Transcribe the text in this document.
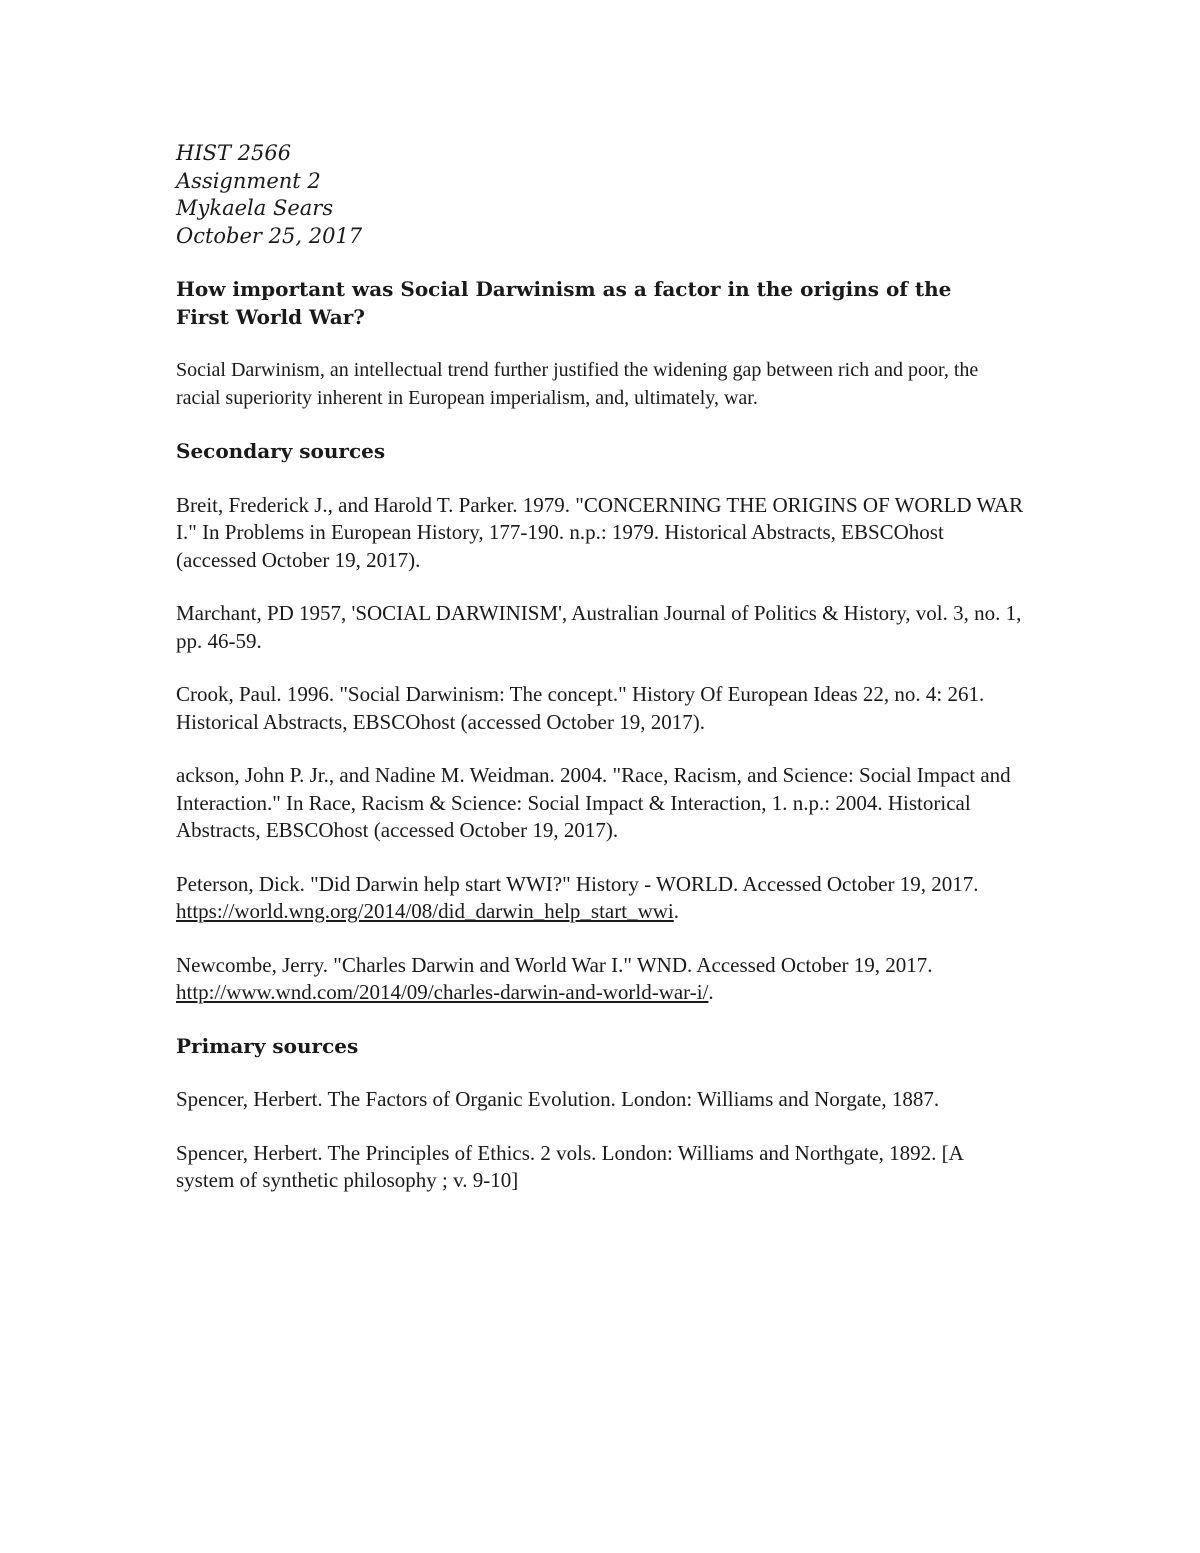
HIST 2566
Assignment 2
Mykaela Sears
October 25, 2017
How important was Social Darwinism as a factor in the origins of the First World War?

Social Darwinism, an intellectual trend further justified the widening gap between rich and poor, the racial superiority inherent in European imperialism, and, ultimately, war.

Secondary sources

Breit, Frederick J., and Harold T. Parker. 1979. "CONCERNING THE ORIGINS OF WORLD WAR I." In Problems in European History, 177-190. n.p.: 1979. Historical Abstracts, EBSCOhost (accessed October 19, 2017).

Marchant, PD 1957, 'SOCIAL DARWINISM', Australian Journal of Politics & History, vol. 3, no. 1, pp. 46-59.

Crook, Paul. 1996. "Social Darwinism: The concept." History Of European Ideas 22, no. 4: 261. Historical Abstracts, EBSCOhost (accessed October 19, 2017).

ackson, John P. Jr., and Nadine M. Weidman. 2004. "Race, Racism, and Science: Social Impact and Interaction." In Race, Racism & Science: Social Impact & Interaction, 1. n.p.: 2004. Historical Abstracts, EBSCOhost (accessed October 19, 2017).

Peterson, Dick. "Did Darwin help start WWI?" History - WORLD. Accessed October 19, 2017. https://world.wng.org/2014/08/did_darwin_help_start_wwi.

Newcombe, Jerry. "Charles Darwin and World War I." WND. Accessed October 19, 2017. http://www.wnd.com/2014/09/charles-darwin-and-world-war-i/.

Primary sources

Spencer, Herbert. The Factors of Organic Evolution. London: Williams and Norgate, 1887.

Spencer, Herbert. The Principles of Ethics. 2 vols. London: Williams and Northgate, 1892. [A system of synthetic philosophy ; v. 9-10]
